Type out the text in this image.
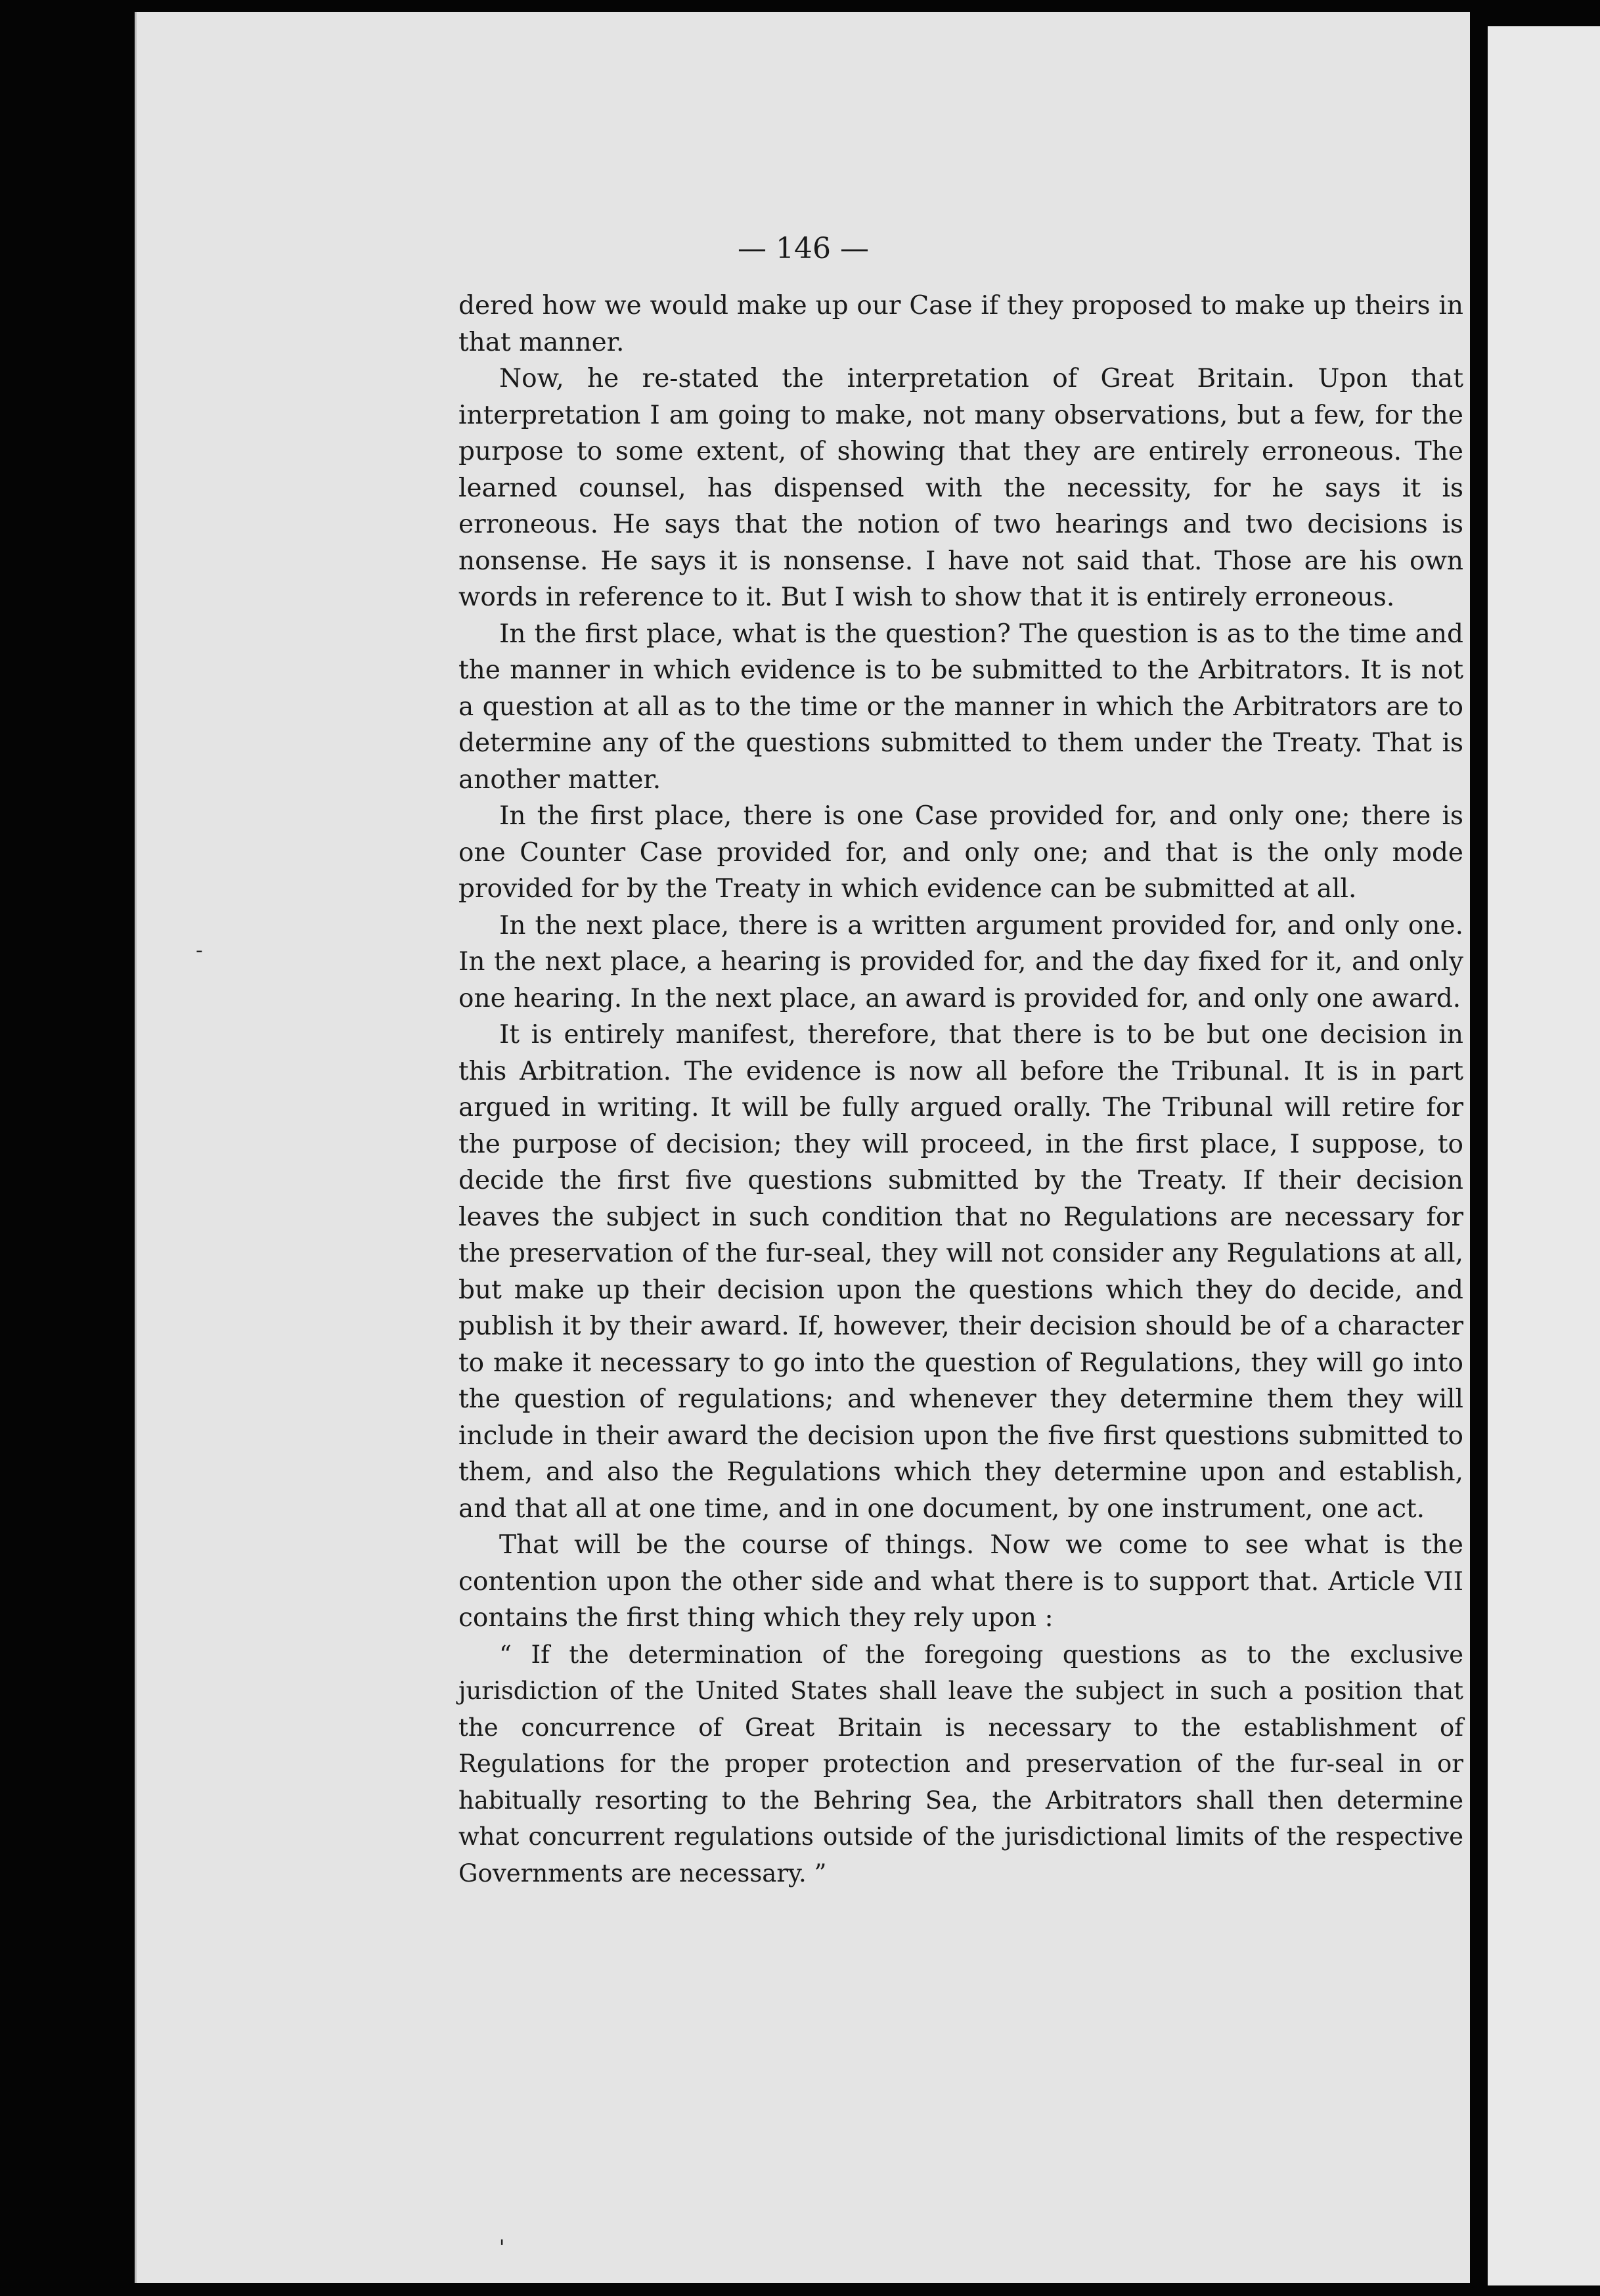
— 146 —

dered how we would make up our Case if they proposed to make up theirs in that manner.

Now, he re-stated the interpretation of Great Britain. Upon that interpretation I am going to make, not many observations, but a few, for the purpose to some extent, of showing that they are entirely erroneous. The learned counsel, has dispensed with the necessity, for he says it is erroneous. He says that the notion of two hearings and two decisions is nonsense. He says it is nonsense. I have not said that. Those are his own words in reference to it. But I wish to show that it is entirely erroneous.

In the first place, what is the question? The question is as to the time and the manner in which evidence is to be submitted to the Arbitrators. It is not a question at all as to the time or the manner in which the Arbitrators are to determine any of the questions submitted to them under the Treaty. That is another matter.

In the first place, there is one Case provided for, and only one; there is one Counter Case provided for, and only one; and that is the only mode provided for by the Treaty in which evidence can be submitted at all.

In the next place, there is a written argument provided for, and only one. In the next place, a hearing is provided for, and the day fixed for it, and only one hearing. In the next place, an award is provided for, and only one award.

It is entirely manifest, therefore, that there is to be but one decision in this Arbitration. The evidence is now all before the Tribunal. It is in part argued in writing. It will be fully argued orally. The Tribunal will retire for the purpose of decision; they will proceed, in the first place, I suppose, to decide the first five questions submitted by the Treaty. If their decision leaves the subject in such condition that no Regulations are necessary for the preservation of the fur-seal, they will not consider any Regulations at all, but make up their decision upon the questions which they do decide, and publish it by their award. If, however, their decision should be of a character to make it necessary to go into the question of Regulations, they will go into the question of regulations; and whenever they determine them they will include in their award the decision upon the five first questions submitted to them, and also the Regulations which they determine upon and establish, and that all at one time, and in one document, by one instrument, one act.

That will be the course of things. Now we come to see what is the contention upon the other side and what there is to support that. Article VII contains the first thing which they rely upon :

“ If the determination of the foregoing questions as to the exclusive jurisdiction of the United States shall leave the subject in such a position that the concurrence of Great Britain is necessary to the establishment of Regulations for the proper protection and preservation of the fur-seal in or habitually resorting to the Behring Sea, the Arbitrators shall then determine what concurrent regulations outside of the jurisdictional limits of the respective Governments are necessary. ”

-
'
